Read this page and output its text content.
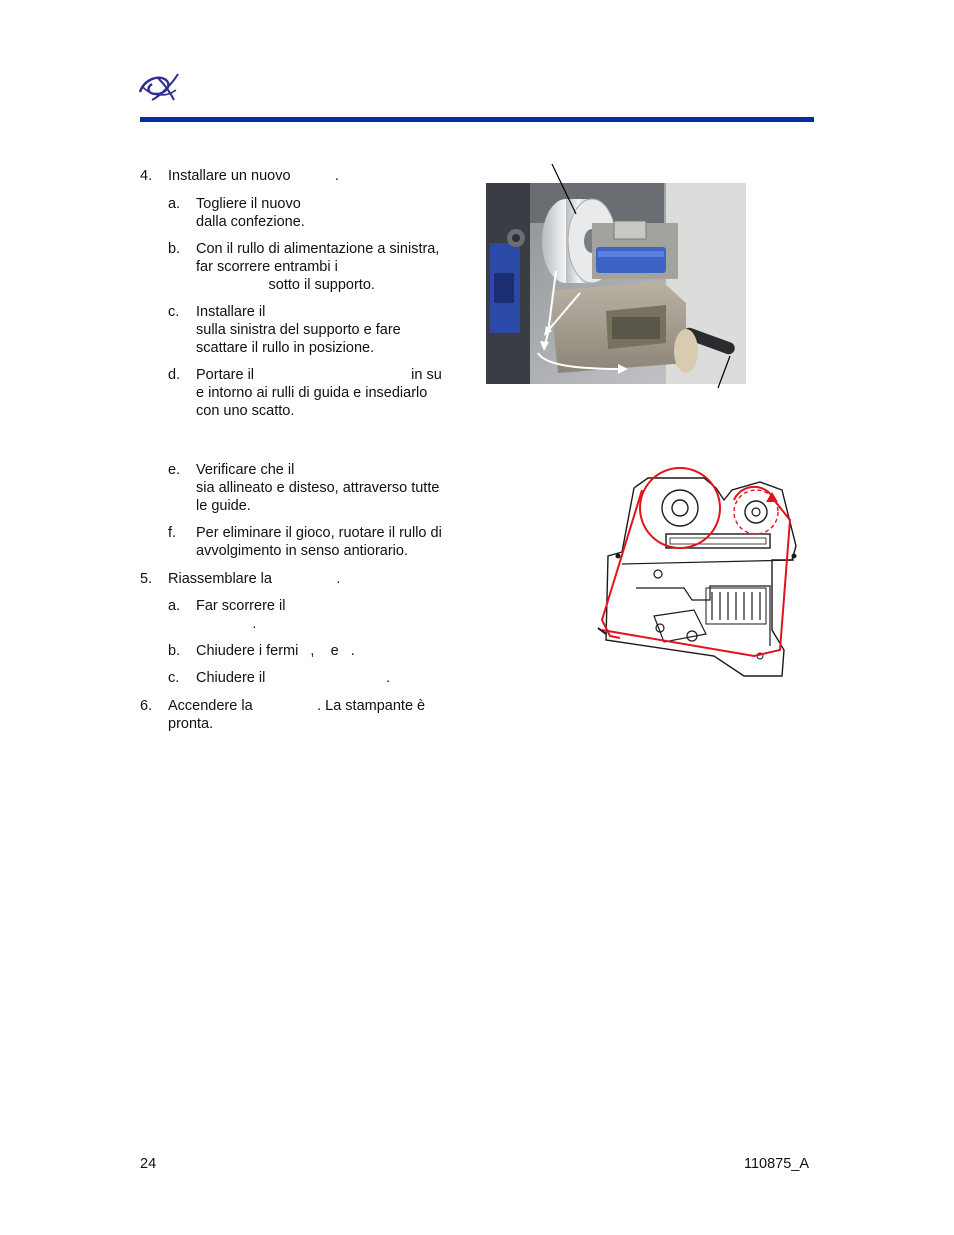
4. Installare un nuovo           .
a. Togliere il nuovo
dalla confezione.
b. Con il rullo di alimentazione a sinistra,
far scorrere entrambi i
sotto il supporto.
c. Installare il
sulla sinistra del supporto e fare
scattare il rullo in posizione.
d. Portare il                                       in su
e intorno ai rulli di guida e insediarlo
con uno scatto.
e. Verificare che il
sia allineato e disteso, attraverso tutte
le guide.
f. Per eliminare il gioco, ruotare il rullo di
avvolgimento in senso antiorario.
5. Riassemblare la                .
a. Far scorrere il
.
b. Chiudere i fermi   ,    e   .
c. Chiudere il                              .
6. Accendere la                . La stampante è
pronta.
24	110875_A
